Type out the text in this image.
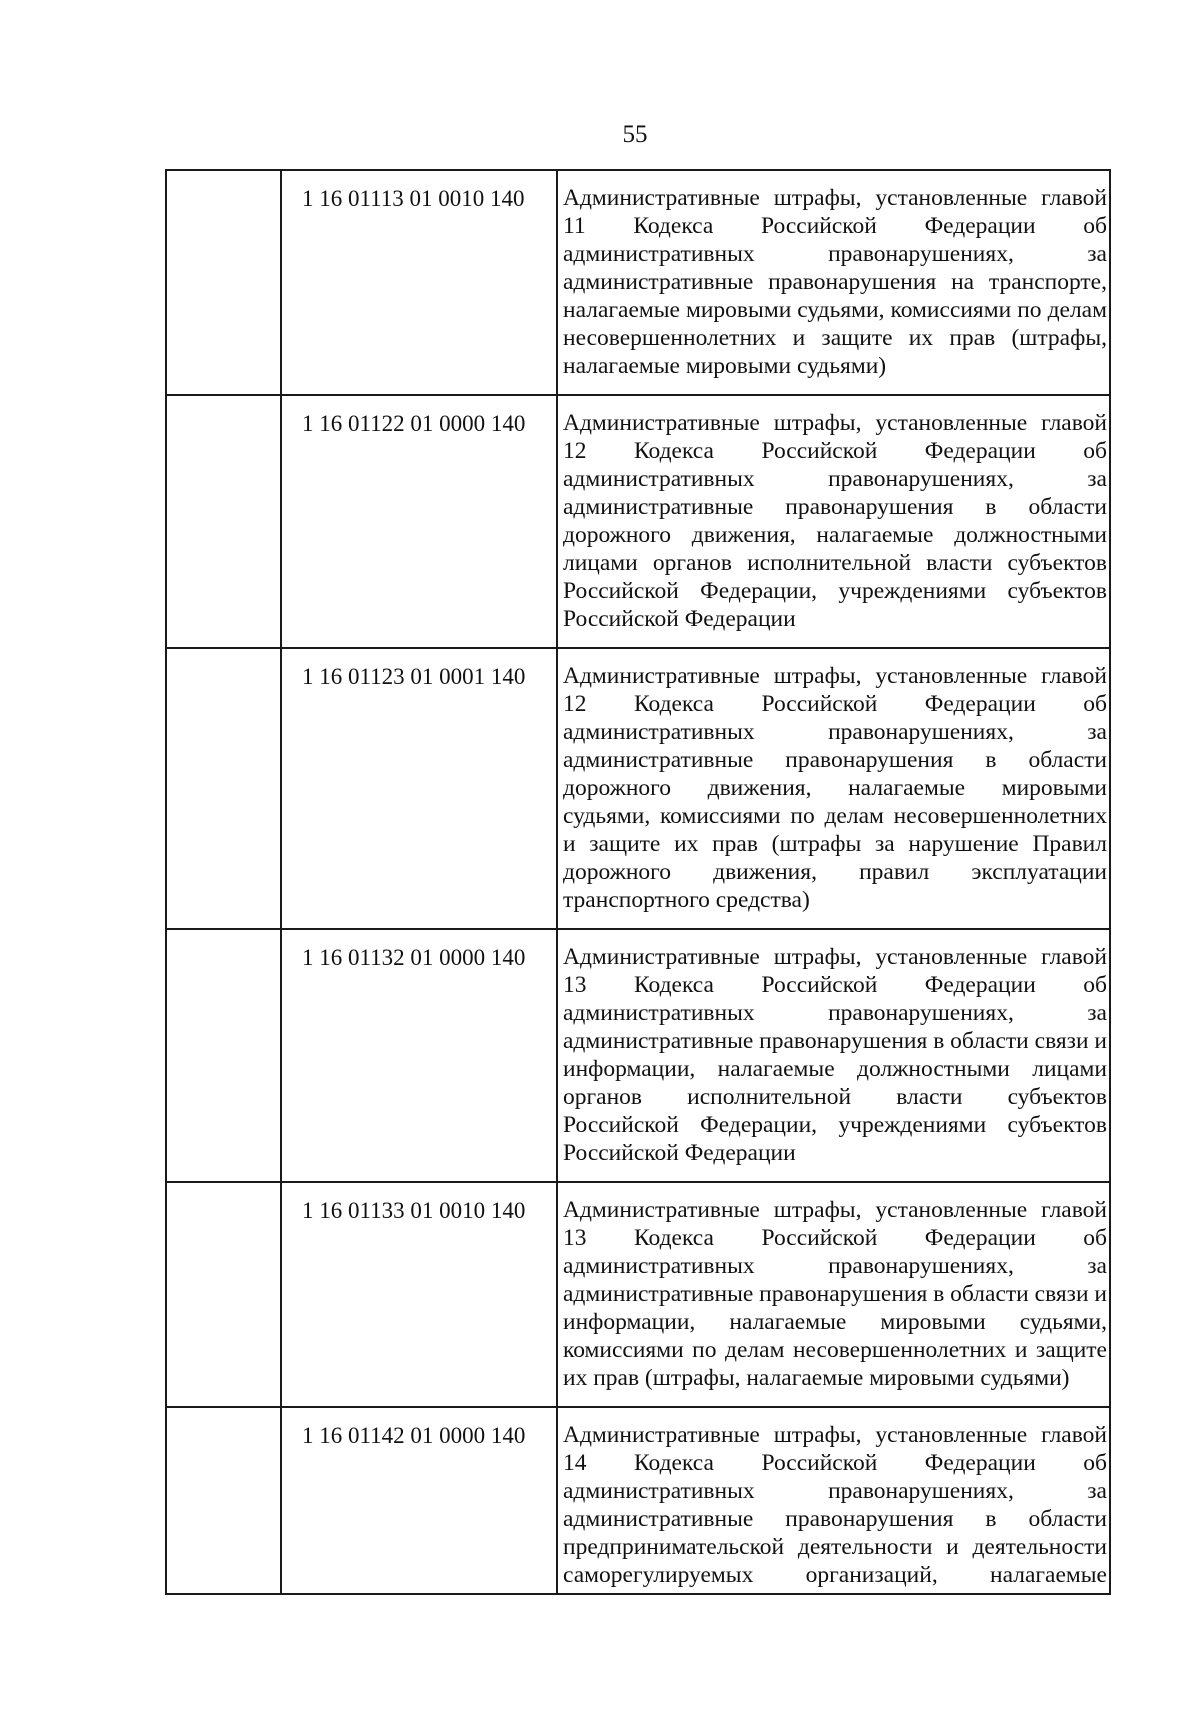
55
	1 16 01113 01 0010 140	Административные штрафы, установленные главой 11 Кодекса Российской Федерации об административных правонарушениях, за административные правонарушения на транспорте, налагаемые мировыми судьями, комиссиями по делам несовершеннолетних и защите их прав (штрафы, налагаемые мировыми судьями)
	1 16 01122 01 0000 140	Административные штрафы, установленные главой 12 Кодекса Российской Федерации об административных правонарушениях, за административные правонарушения в области дорожного движения, налагаемые должностными лицами органов исполнительной власти субъектов Российской Федерации, учреждениями субъектов Российской Федерации
	1 16 01123 01 0001 140	Административные штрафы, установленные главой 12 Кодекса Российской Федерации об административных правонарушениях, за административные правонарушения в области дорожного движения, налагаемые мировыми судьями, комиссиями по делам несовершеннолетних и защите их прав (штрафы за нарушение Правил дорожного движения, правил эксплуатации транспортного средства)
	1 16 01132 01 0000 140	Административные штрафы, установленные главой 13 Кодекса Российской Федерации об административных правонарушениях, за административные правонарушения в области связи и информации, налагаемые должностными лицами органов исполнительной власти субъектов Российской Федерации, учреждениями субъектов Российской Федерации
	1 16 01133 01 0010 140	Административные штрафы, установленные главой 13 Кодекса Российской Федерации об административных правонарушениях, за административные правонарушения в области связи и информации, налагаемые мировыми судьями, комиссиями по делам несовершеннолетних и защите их прав (штрафы, налагаемые мировыми судьями)
	1 16 01142 01 0000 140	Административные штрафы, установленные главой 14 Кодекса Российской Федерации об административных правонарушениях, за административные правонарушения в области предпринимательской деятельности и деятельности саморегулируемых организаций, налагаемые
